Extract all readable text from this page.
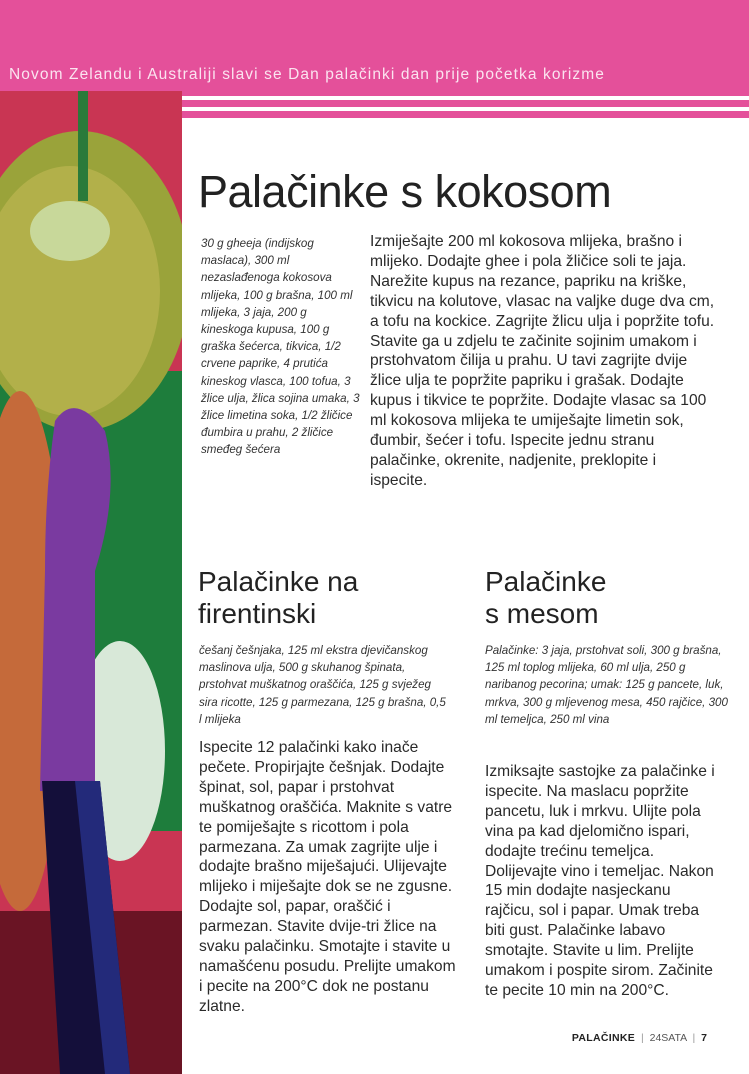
Novom Zelandu i Australiji slavi se Dan palačinki dan prije početka korizme
Palačinke s kokosom

30 g gheeja (indijskog maslaca), 300 ml nezaslađenoga kokosova mlijeka, 100 g brašna, 100 ml mlijeka, 3 jaja, 200 g kineskoga kupusa, 100 g graška šećerca, tikvica, 1/2 crvene paprike, 4 prutića kineskog vlasca, 100 tofua, 3 žlice ulja, žlica sojina umaka, 3 žlice limetina soka, 1/2 žličice đumbira u prahu, 2 žličice smeđeg šećera

Izmiješajte 200 ml kokosova mlijeka, brašno i mlijeko. Dodajte ghee i pola žličice soli te jaja. Narežite kupus na rezance, papriku na kriške, tikvicu na kolutove, vlasac na valjke duge dva cm, a tofu na kockice. Zagrijte žlicu ulja i popržite tofu. Stavite ga u zdjelu te začinite sojinim umakom i prstohvatom čilija u prahu. U tavi zagrijte dvije žlice ulja te popržite papriku i grašak. Dodajte kupus i tikvice te popržite. Dodajte vlasac sa 100 ml kokosova mlijeka te umiješajte limetin sok, đumbir, šećer i tofu. Ispecite jednu stranu palačinke, okrenite, nadjenite, preklopite i ispecite.

Palačinke na
firentinski

češanj češnjaka, 125 ml ekstra djevičanskog maslinova ulja, 500 g skuhanog špinata, prstohvat muškatnog oraščića, 125 g svježeg sira ricotte, 125 g parmezana, 125 g brašna, 0,5 l mlijeka

Ispecite 12 palačinki kako inače pečete. Propirjajte češnjak. Dodajte špinat, sol, papar i prstohvat muškatnog oraščića. Maknite s vatre te pomiješajte s ricottom i pola parmezana. Za umak zagrijte ulje i dodajte brašno miješajući. Ulijevajte mlijeko i miješajte dok se ne zgusne. Dodajte sol, papar, oraščić i parmezan. Stavite dvije-tri žlice na svaku palačinku. Smotajte i stavite u namašćenu posudu. Prelijte umakom i pecite na 200°C dok ne postanu zlatne.

Palačinke
s mesom

Palačinke: 3 jaja, prstohvat soli, 300 g brašna, 125 ml toplog mlijeka, 60 ml ulja, 250 g naribanog pecorina; umak: 125 g pancete, luk, mrkva, 300 g mljevenog mesa, 450 rajčice, 300 ml temeljca, 250 ml vina

Izmiksajte sastojke za palačinke i ispecite. Na maslacu popržite pancetu, luk i mrkvu. Ulijte pola vina pa kad djelomično ispari, dodajte trećinu temeljca. Dolijevajte vino i temeljac. Nakon 15 min dodajte nasjeckanu rajčicu, sol i papar. Umak treba biti gust. Palačinke labavo smotajte. Stavite u lim. Prelijte umakom i pospite sirom. Začinite te pecite 10 min na 200°C.

PALAČINKE | 24SATA | 7
